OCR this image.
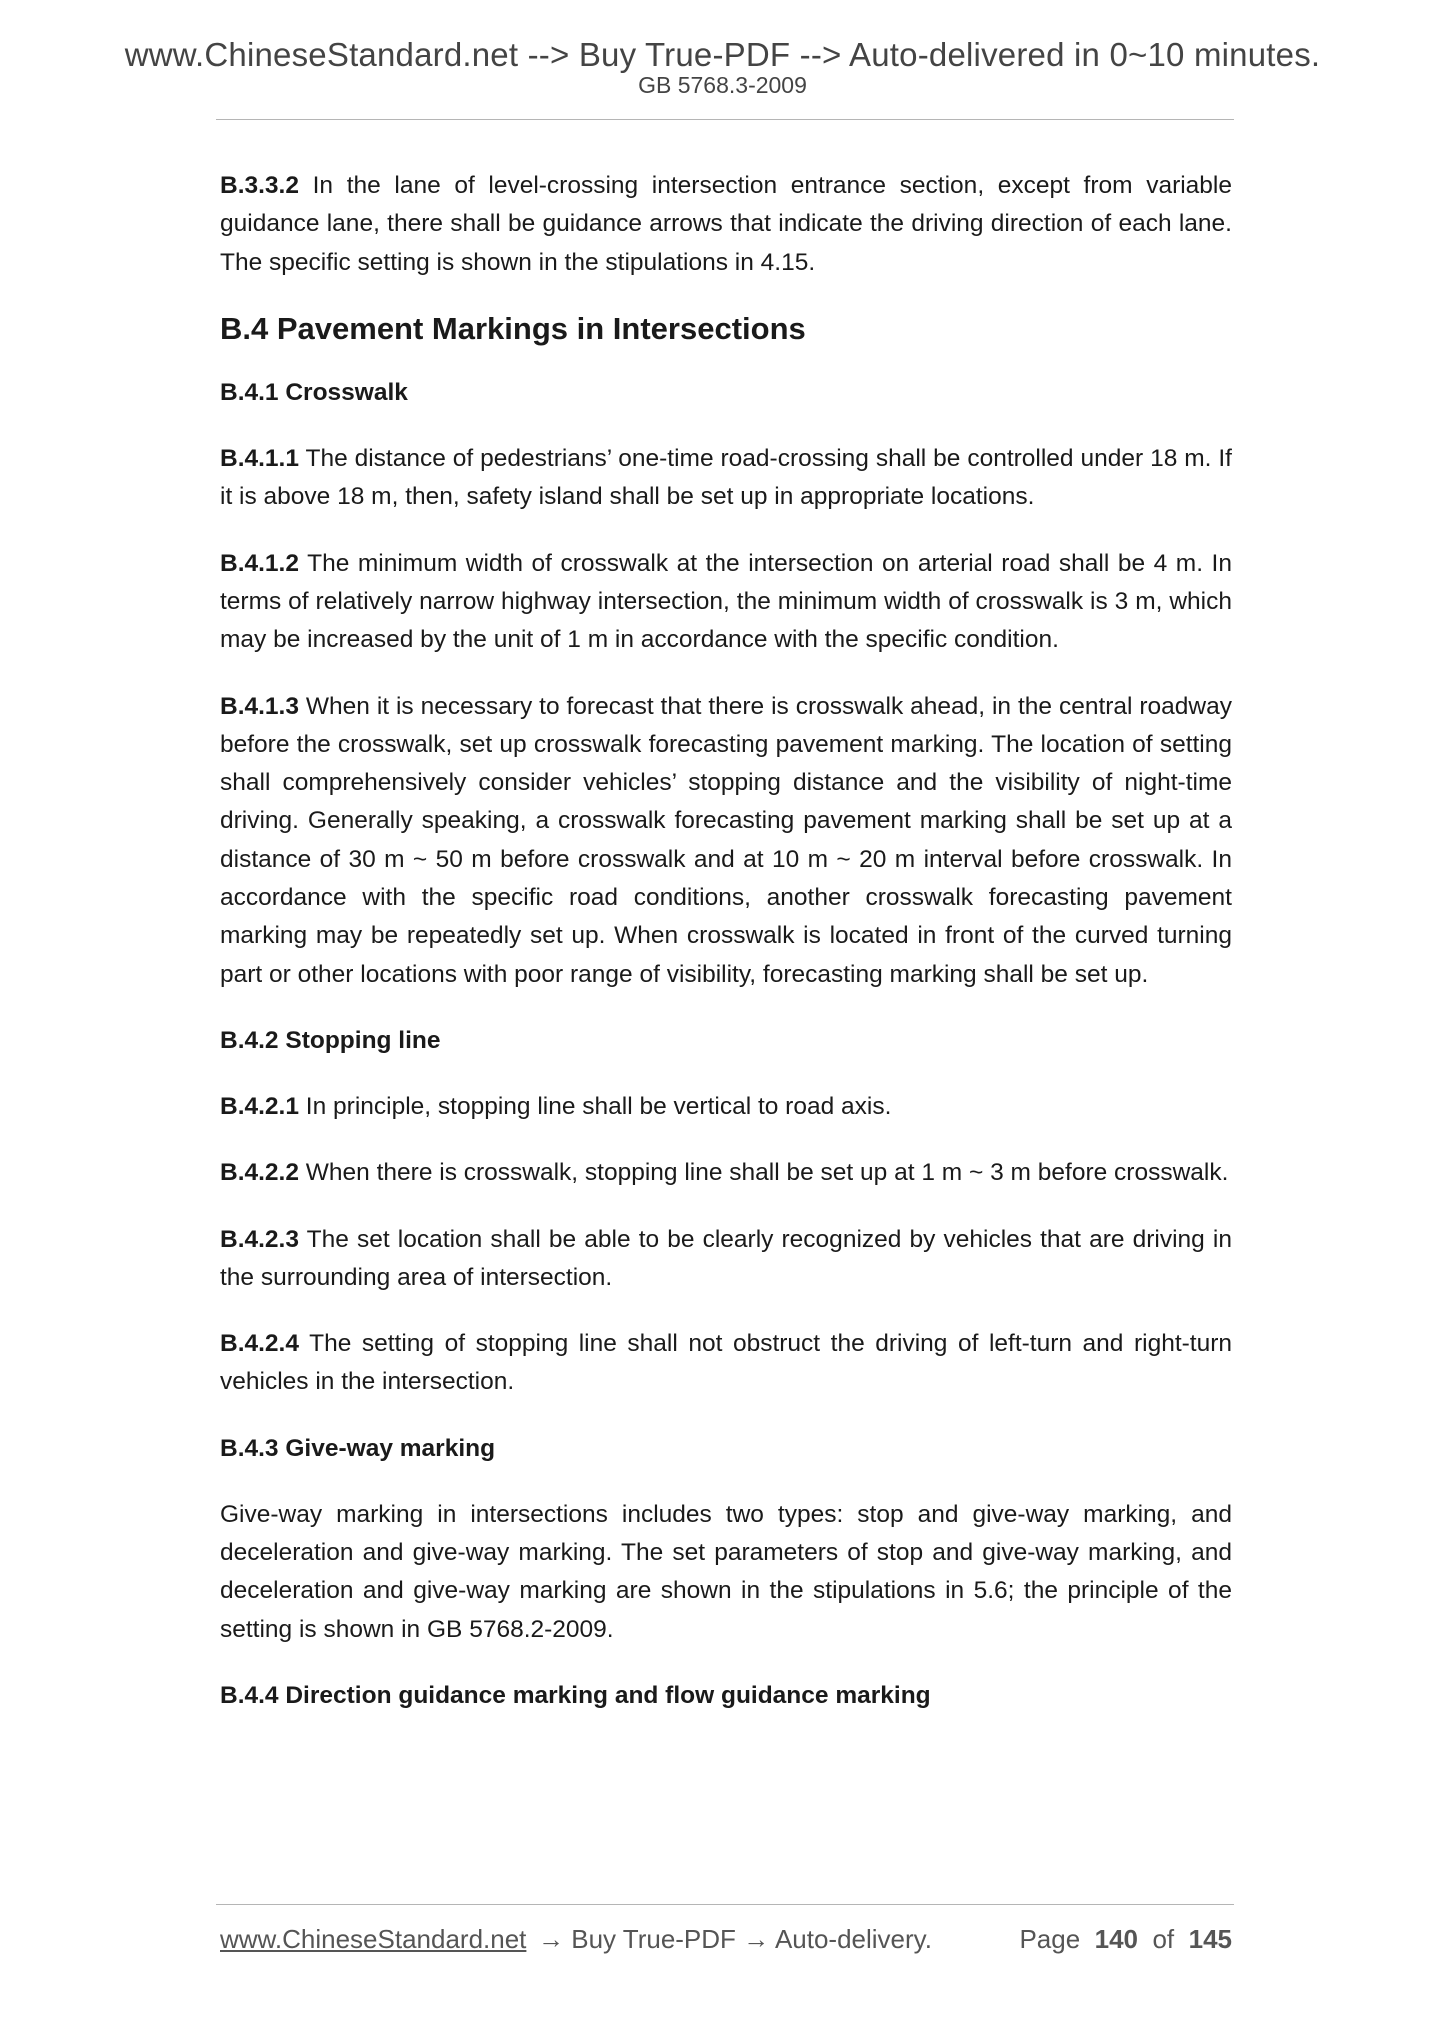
www.ChineseStandard.net --> Buy True-PDF --> Auto-delivered in 0~10 minutes.
GB 5768.3-2009

B.3.3.2 In the lane of level-crossing intersection entrance section, except from variable guidance lane, there shall be guidance arrows that indicate the driving direction of each lane. The specific setting is shown in the stipulations in 4.15.

B.4 Pavement Markings in Intersections
B.4.1 Crosswalk

B.4.1.1 The distance of pedestrians’ one-time road-crossing shall be controlled under 18 m. If it is above 18 m, then, safety island shall be set up in appropriate locations.

B.4.1.2 The minimum width of crosswalk at the intersection on arterial road shall be 4 m. In terms of relatively narrow highway intersection, the minimum width of crosswalk is 3 m, which may be increased by the unit of 1 m in accordance with the specific condition.

B.4.1.3 When it is necessary to forecast that there is crosswalk ahead, in the central roadway before the crosswalk, set up crosswalk forecasting pavement marking. The location of setting shall comprehensively consider vehicles’ stopping distance and the visibility of night-time driving. Generally speaking, a crosswalk forecasting pavement marking shall be set up at a distance of 30 m ~ 50 m before crosswalk and at 10 m ~ 20 m interval before crosswalk. In accordance with the specific road conditions, another crosswalk forecasting pavement marking may be repeatedly set up. When crosswalk is located in front of the curved turning part or other locations with poor range of visibility, forecasting marking shall be set up.

B.4.2 Stopping line

B.4.2.1 In principle, stopping line shall be vertical to road axis.

B.4.2.2 When there is crosswalk, stopping line shall be set up at 1 m ~ 3 m before crosswalk.

B.4.2.3 The set location shall be able to be clearly recognized by vehicles that are driving in the surrounding area of intersection.

B.4.2.4 The setting of stopping line shall not obstruct the driving of left-turn and right-turn vehicles in the intersection.

B.4.3 Give-way marking

Give-way marking in intersections includes two types: stop and give-way marking, and deceleration and give-way marking. The set parameters of stop and give-way marking, and deceleration and give-way marking are shown in the stipulations in 5.6; the principle of the setting is shown in GB 5768.2-2009.

B.4.4 Direction guidance marking and flow guidance marking
www.ChineseStandard.net → Buy True-PDF → Auto-delivery.	Page 140 of 145
